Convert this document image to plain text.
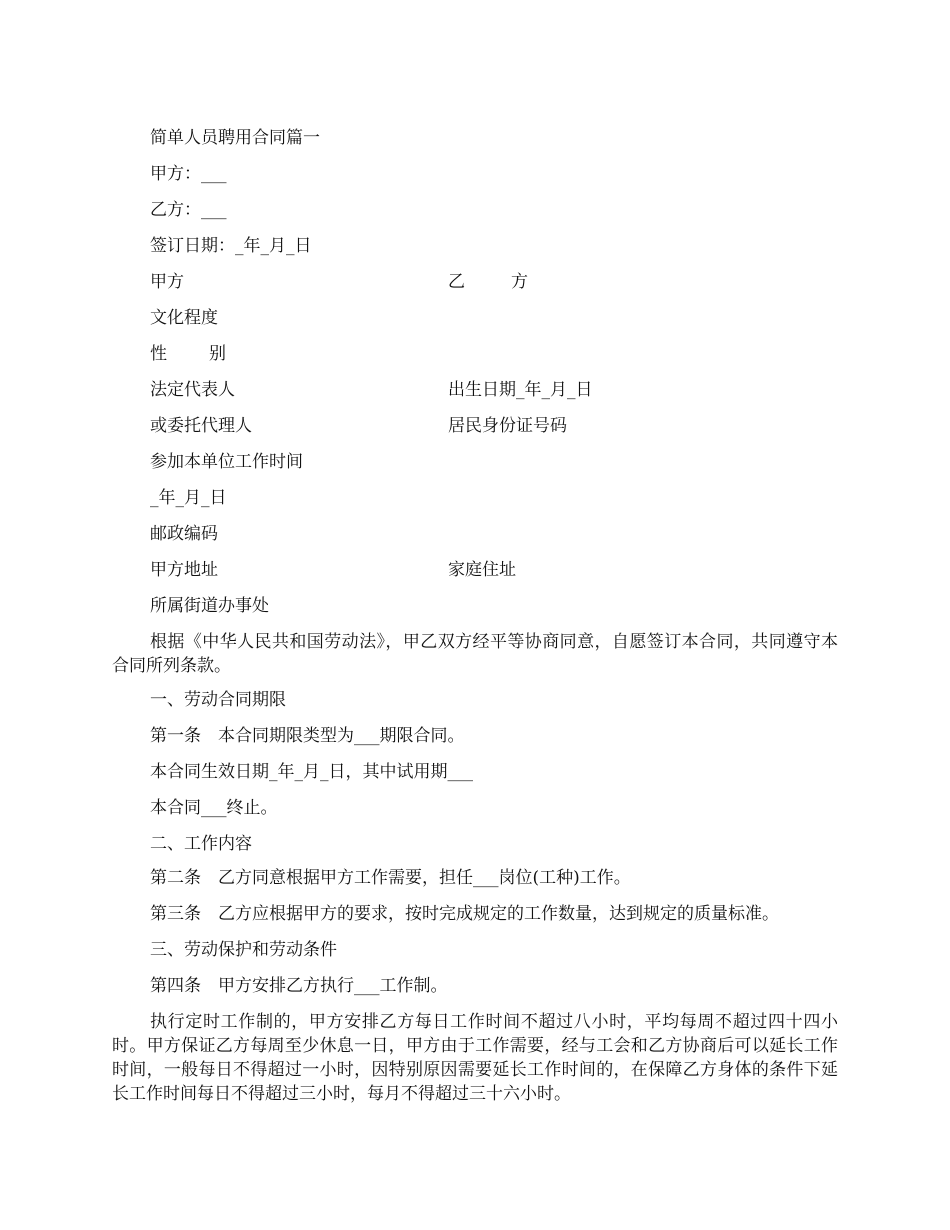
简单人员聘用合同篇一
甲方：___
乙方：___
签订日期：_年_月_日
甲方	乙	方
文化程度
性 别
法定代表人	出生日期_年_月_日
或委托代理人	居民身份证号码
参加本单位工作时间
_年_月_日
邮政编码
甲方地址	家庭住址
所属街道办事处
根据《中华人民共和国劳动法》，甲乙双方经平等协商同意，自愿签订本合同，共同遵守本合同所列条款。
一、劳动合同期限
第一条　本合同期限类型为___期限合同。
本合同生效日期_年_月_日，其中试用期___
本合同___终止。
二、工作内容
第二条　乙方同意根据甲方工作需要，担任___岗位(工种)工作。
第三条　乙方应根据甲方的要求，按时完成规定的工作数量，达到规定的质量标准。
三、劳动保护和劳动条件
第四条　甲方安排乙方执行___工作制。
执行定时工作制的，甲方安排乙方每日工作时间不超过八小时，平均每周不超过四十四小时。甲方保证乙方每周至少休息一日，甲方由于工作需要，经与工会和乙方协商后可以延长工作时间，一般每日不得超过一小时，因特别原因需要延长工作时间的，在保障乙方身体的条件下延长工作时间每日不得超过三小时，每月不得超过三十六小时。
